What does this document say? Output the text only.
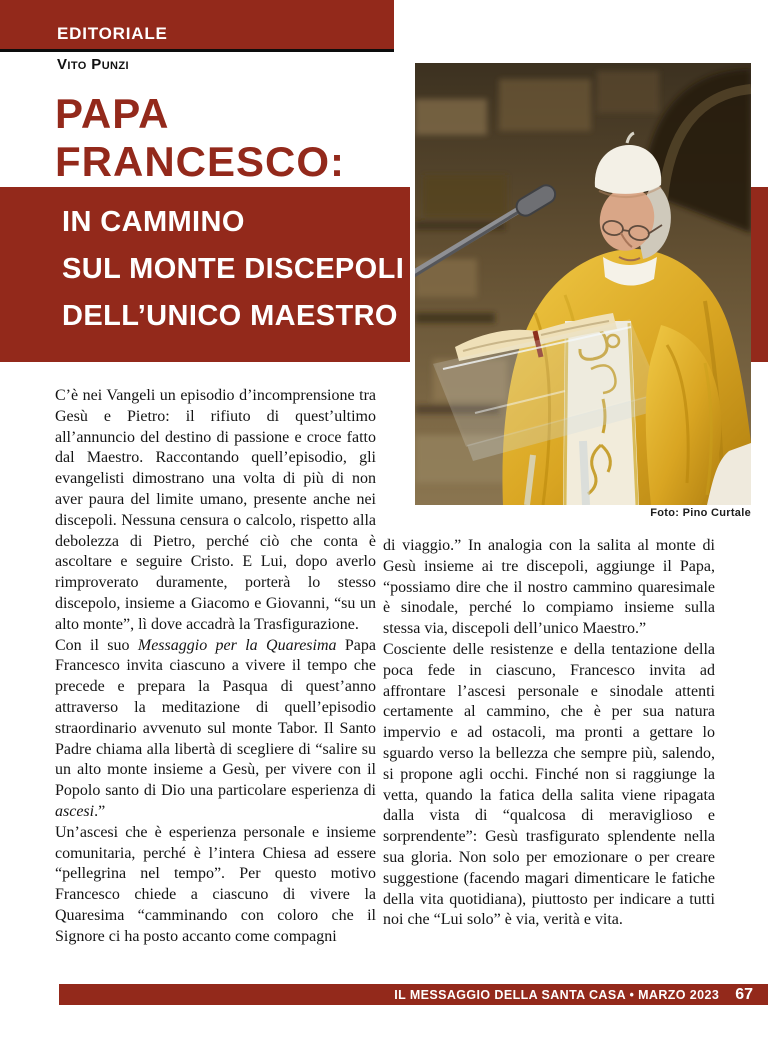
EDITORIALE
Vito Punzi
PAPA
FRANCESCO:
IN CAMMINO
SUL MONTE DISCEPOLI
DELL’UNICO MAESTRO
Foto: Pino Curtale

C’è nei Vangeli un episodio d’incomprensione tra Gesù e Pietro: il rifiuto di quest’ultimo all’annuncio del destino di passione e croce fatto dal Maestro. Raccontando quell’episodio, gli evangelisti dimostrano una volta di più di non aver paura del limite umano, presente anche nei discepoli. Nessuna censura o calcolo, rispetto alla debolezza di Pietro, perché ciò che conta è ascoltare e seguire Cristo. E Lui, dopo averlo rimproverato duramente, porterà lo stesso discepolo, insieme a Giacomo e Giovanni, “su un alto monte”, lì dove accadrà la Trasfigurazione.

Con il suo Messaggio per la Quaresima Papa Francesco invita ciascuno a vivere il tempo che precede e prepara la Pasqua di quest’anno attraverso la meditazione di quell’episodio straordinario avvenuto sul monte Tabor. Il Santo Padre chiama alla libertà di scegliere di “salire su un alto monte insieme a Gesù, per vivere con il Popolo santo di Dio una particolare esperienza di ascesi.”

Un’ascesi che è esperienza personale e insieme comunitaria, perché è l’intera Chiesa ad essere “pellegrina nel tempo”. Per questo motivo Francesco chiede a ciascuno di vivere la Quaresima “camminando con coloro che il Signore ci ha posto accanto come compagni

di viaggio.” In analogia con la salita al monte di Gesù insieme ai tre discepoli, aggiunge il Papa, “possiamo dire che il nostro cammino quaresimale è sinodale, perché lo compiamo insieme sulla stessa via, discepoli dell’unico Maestro.”

Cosciente delle resistenze e della tentazione della poca fede in ciascuno, Francesco invita ad affrontare l’ascesi personale e sinodale attenti certamente al cammino, che è per sua natura impervio e ad ostacoli, ma pronti a gettare lo sguardo verso la bellezza che sempre più, salendo, si propone agli occhi. Finché non si raggiunge la vetta, quando la fatica della salita viene ripagata dalla vista di “qualcosa di meraviglioso e sorprendente”: Gesù trasfigurato splendente nella sua gloria. Non solo per emozionare o per creare suggestione (facendo magari dimenticare le fatiche della vita quotidiana), piuttosto per indicare a tutti noi che “Lui solo” è via, verità e vita.

IL MESSAGGIO DELLA SANTA CASA • MARZO 2023 67
